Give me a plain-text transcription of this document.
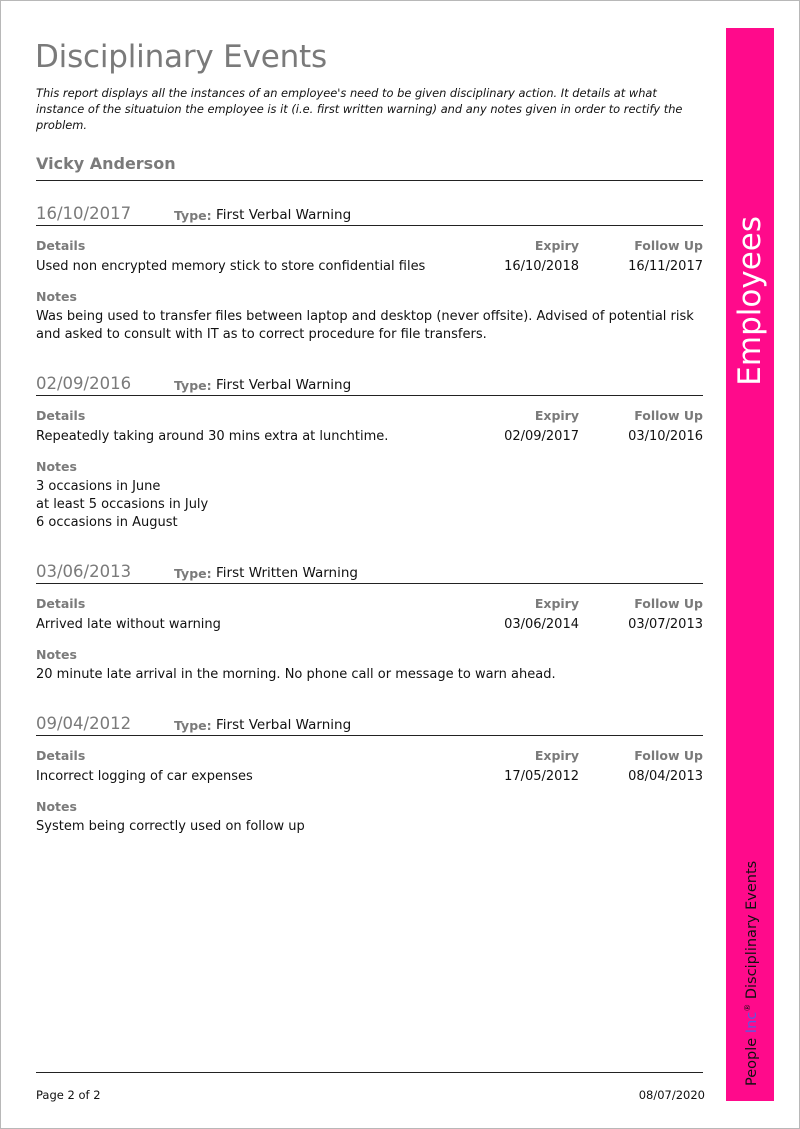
Disciplinary Events
This report displays all the instances of an employee's need to be given disciplinary action. It details at what instance of the situatuion the employee is it (i.e. first written warning) and any notes given in order to rectify the problem.
Vicky Anderson
16/10/2017	Type: First Verbal Warning
Details	Expiry	Follow Up
Used non encrypted memory stick to store confidential files	16/10/2018	16/11/2017
Notes
Was being used to transfer files between laptop and desktop (never offsite). Advised of potential risk and asked to consult with IT as to correct procedure for file transfers.
02/09/2016	Type: First Verbal Warning
Details	Expiry	Follow Up
Repeatedly taking around 30 mins extra at lunchtime.	02/09/2017	03/10/2016
Notes
3 occasions in June
at least 5 occasions in July
6 occasions in August
03/06/2013	Type: First Written Warning
Details	Expiry	Follow Up
Arrived late without warning	03/06/2014	03/07/2013
Notes
20 minute late arrival in the morning. No phone call or message to warn ahead.
09/04/2012	Type: First Verbal Warning
Details	Expiry	Follow Up
Incorrect logging of car expenses	17/05/2012	08/04/2013
Notes
System being correctly used on follow up
Page 2 of 2	08/07/2020
Employees
People Inc® Disciplinary Events
